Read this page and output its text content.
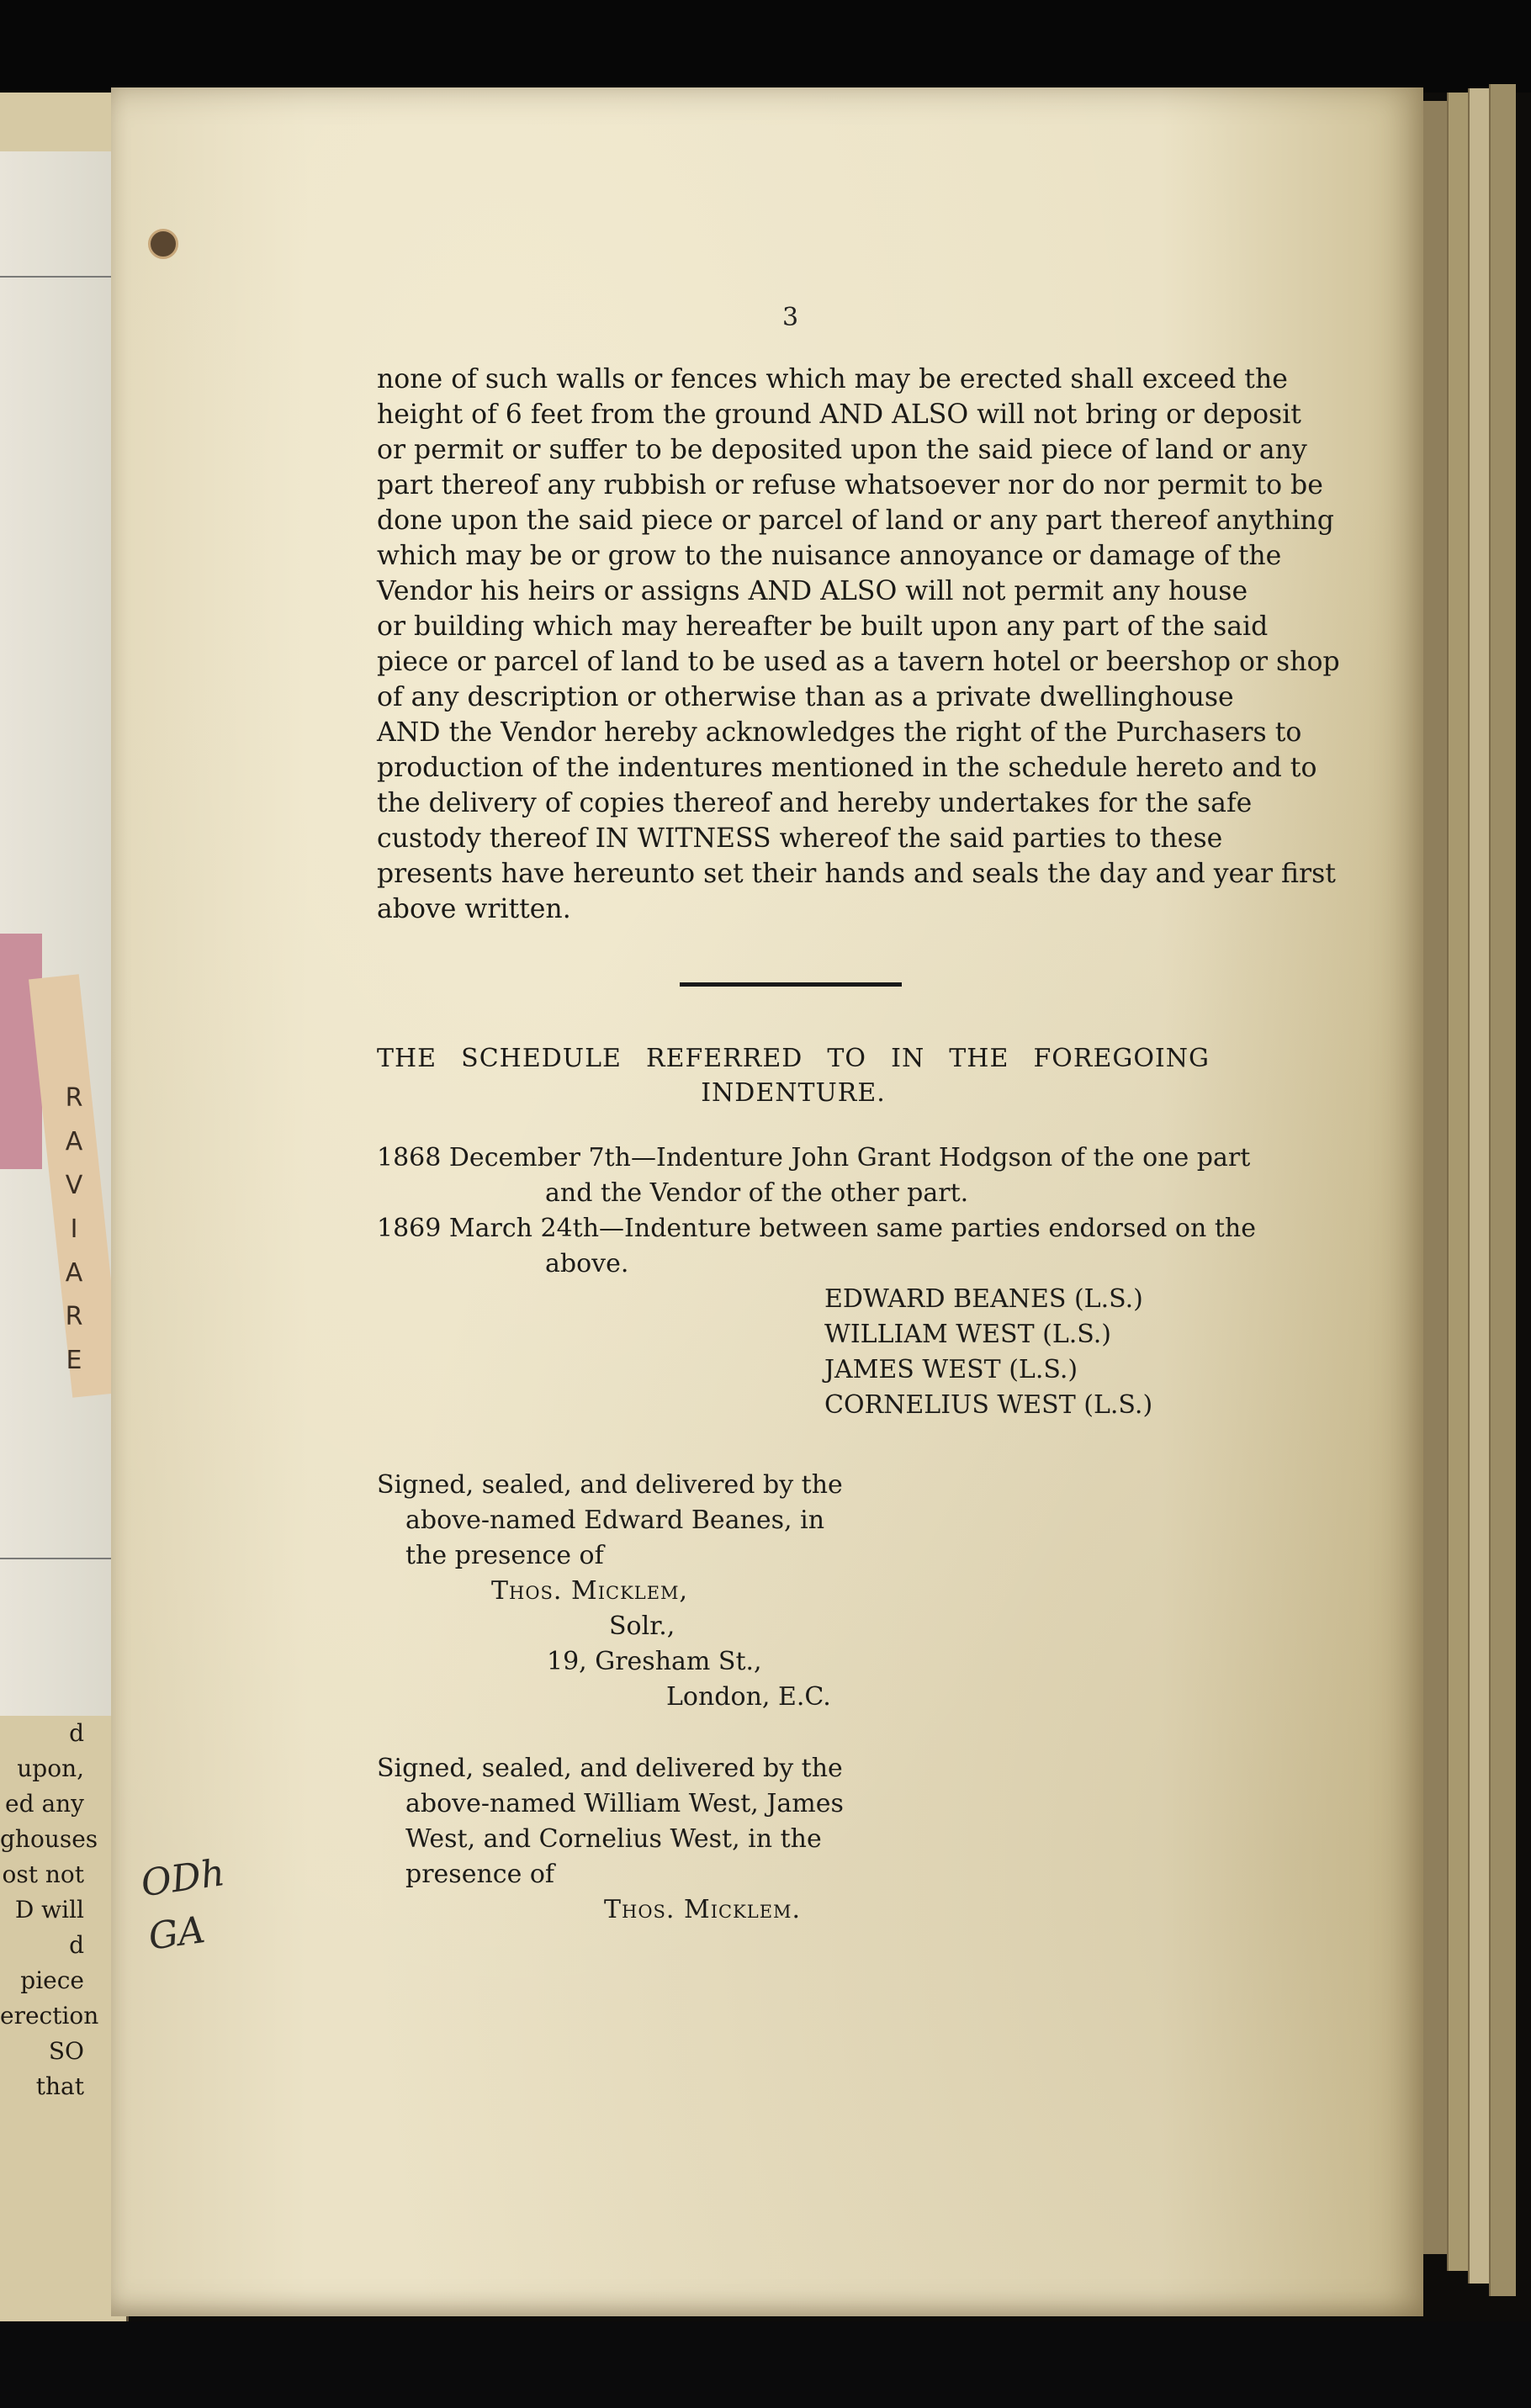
R
A
V
I
A
R
E
d upon,
ed any
ghouses
ost not
D will
d piece
erection
SO that
3
none of such walls or fences which may be erected shall exceed the
height of 6 feet from the ground AND ALSO will not bring or deposit
or permit or suffer to be deposited upon the said piece of land or any
part thereof any rubbish or refuse whatsoever nor do nor permit to be
done upon the said piece or parcel of land or any part thereof anything
which may be or grow to the nuisance annoyance or damage of the
Vendor his heirs or assigns AND ALSO will not permit any house
or building which may hereafter be built upon any part of the said
piece or parcel of land to be used as a tavern hotel or beershop or shop
of any description or otherwise than as a private dwellinghouse
AND the Vendor hereby acknowledges the right of the Purchasers to
production of the indentures mentioned in the schedule hereto and to
the delivery of copies thereof and hereby undertakes for the safe
custody thereof IN WITNESS whereof the said parties to these
presents have hereunto set their hands and seals the day and year first
above written.
THE SCHEDULE REFERRED TO IN THE FOREGOING
INDENTURE.
1868 December 7th—Indenture John Grant Hodgson of the one part
and the Vendor of the other part.
1869 March 24th—Indenture between same parties endorsed on the
above.
EDWARD BEANES (L.S.)
WILLIAM WEST (L.S.)
JAMES WEST (L.S.)
CORNELIUS WEST (L.S.)
Signed, sealed, and delivered by the
above-named Edward Beanes, in
the presence of
Thos. Micklem,
Solr.,
19, Gresham St.,
London, E.C.
Signed, sealed, and delivered by the
above-named William West, James
West, and Cornelius West, in the
presence of
Thos. Micklem.
ODh
GA
